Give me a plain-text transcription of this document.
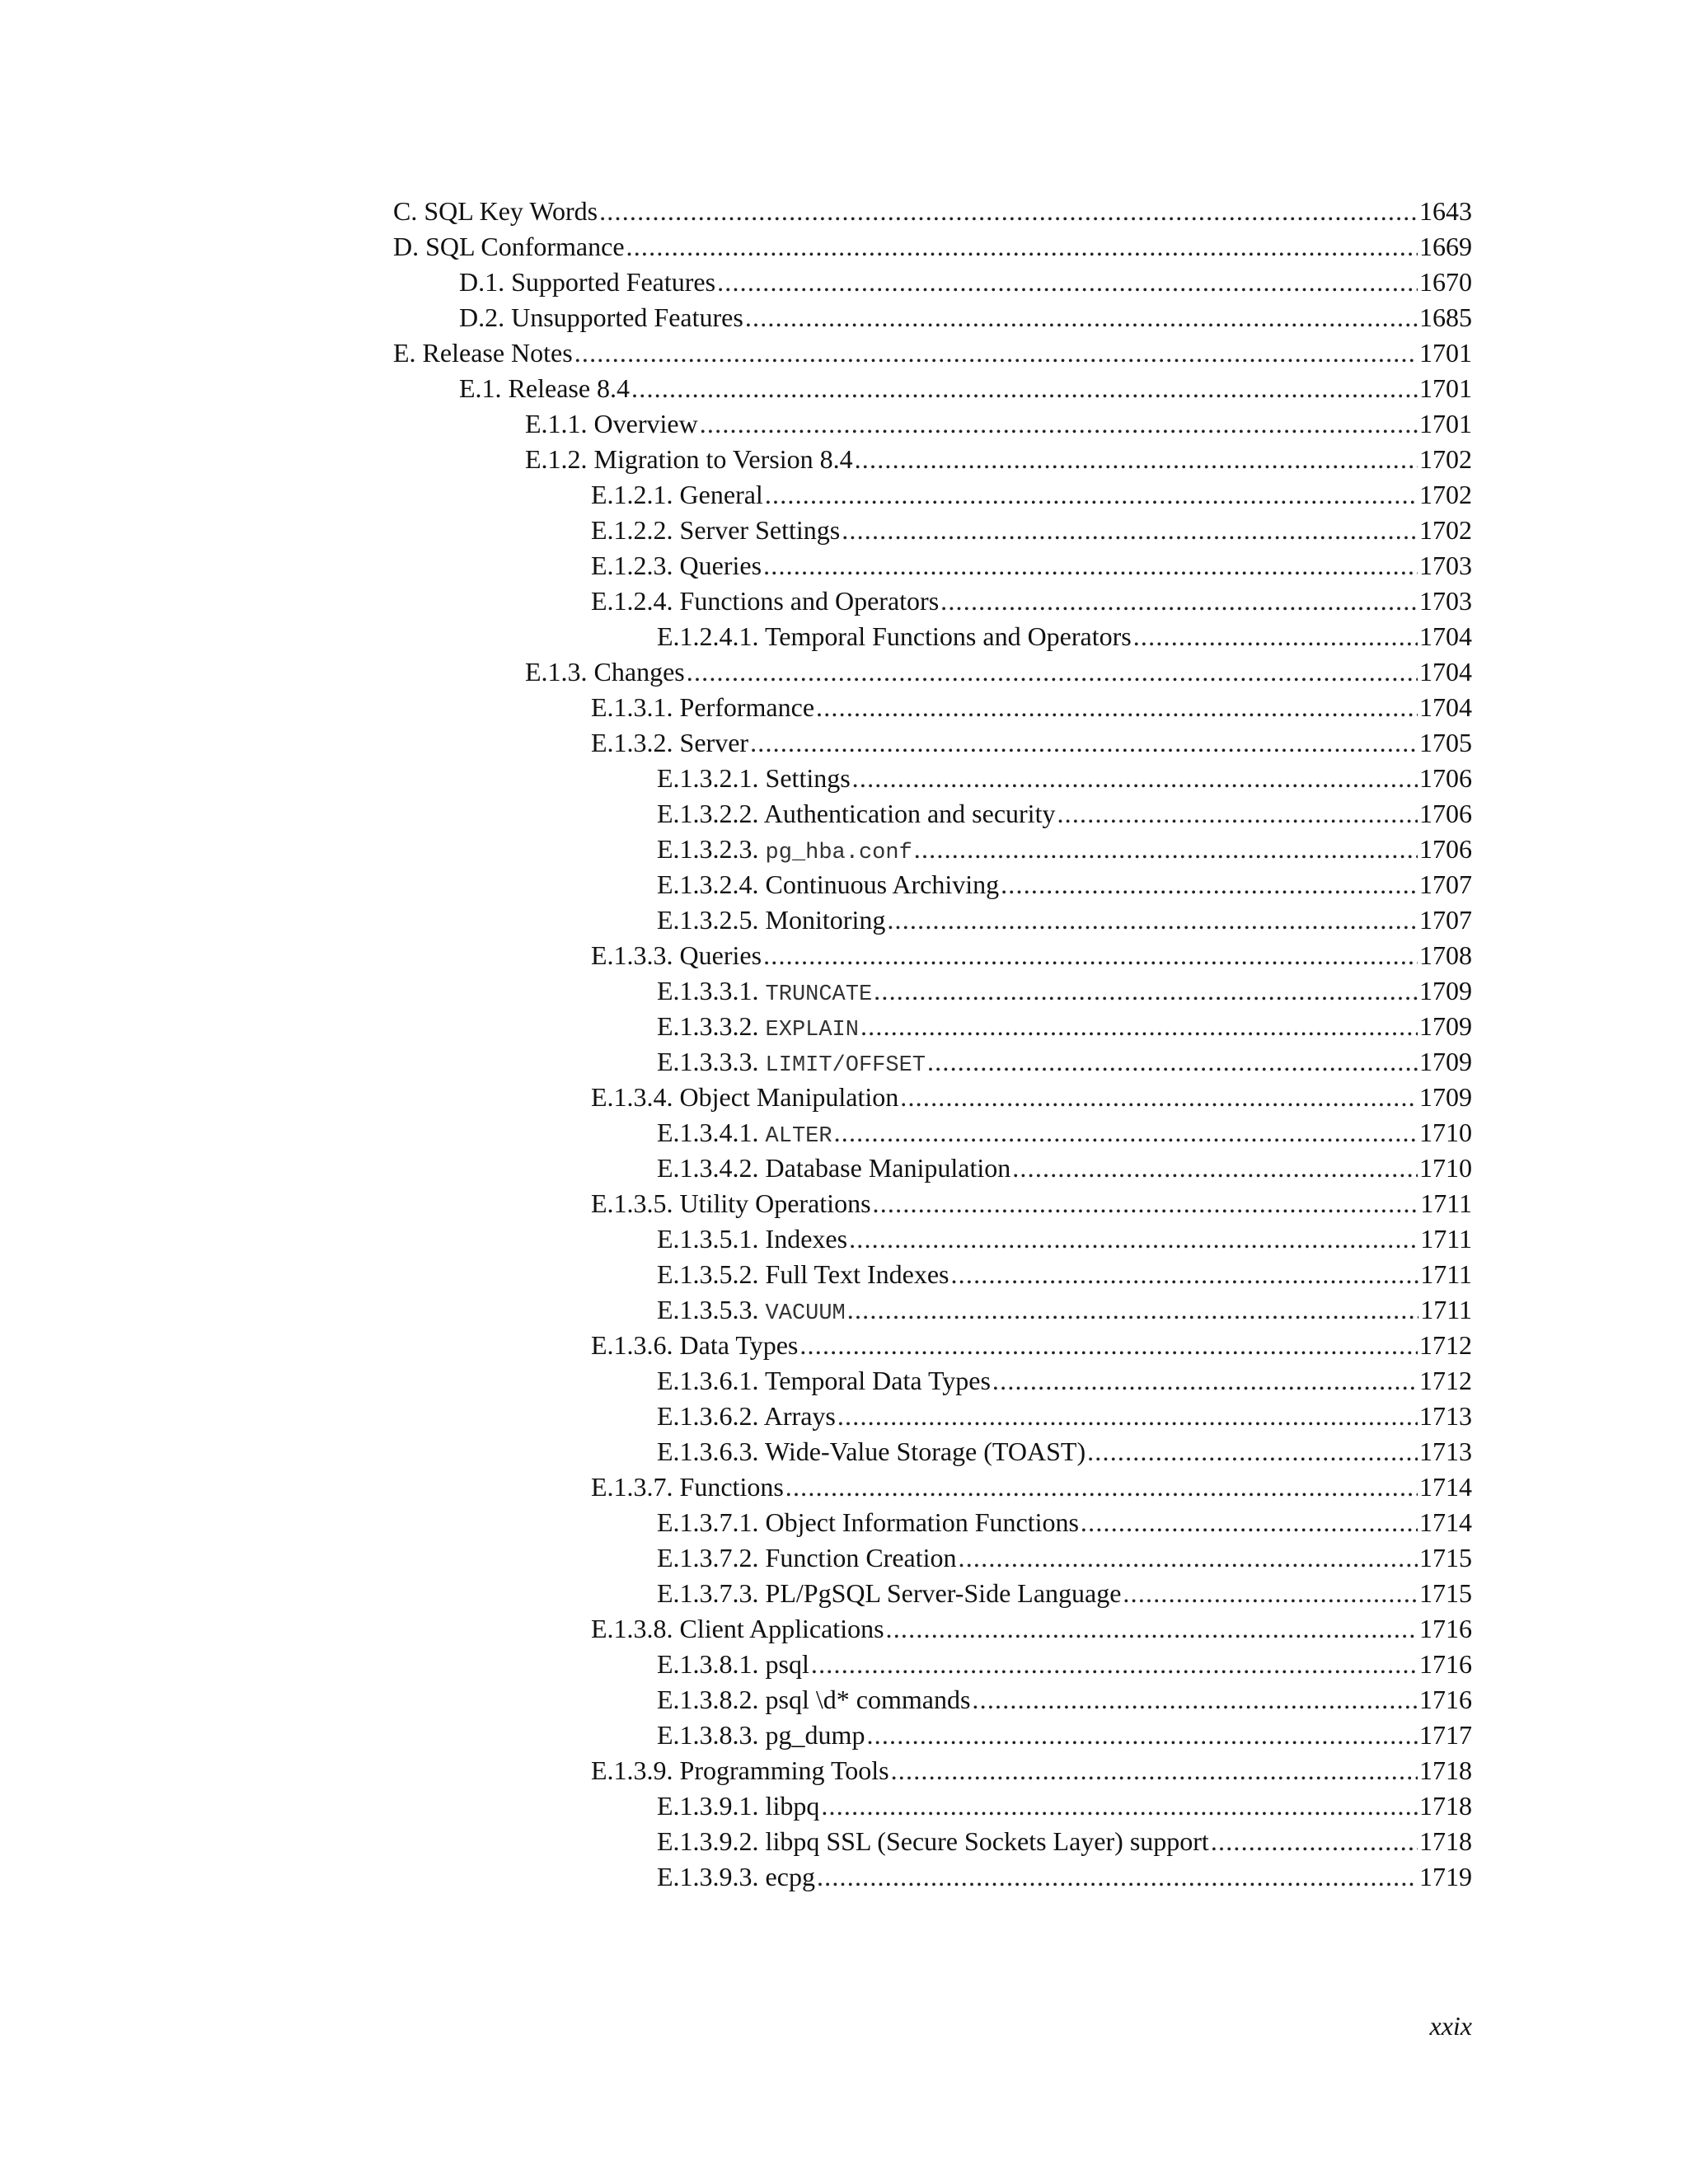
C. SQL Key Words .....	1643
D. SQL Conformance .....	1669
D.1. Supported Features .....	1670
D.2. Unsupported Features .....	1685
E. Release Notes .....	1701
E.1. Release 8.4 .....	1701
E.1.1. Overview .....	1701
E.1.2. Migration to Version 8.4 .....	1702
E.1.2.1. General .....	1702
E.1.2.2. Server Settings .....	1702
E.1.2.3. Queries .....	1703
E.1.2.4. Functions and Operators .....	1703
E.1.2.4.1. Temporal Functions and Operators .....	1704
E.1.3. Changes .....	1704
E.1.3.1. Performance .....	1704
E.1.3.2. Server .....	1705
E.1.3.2.1. Settings .....	1706
E.1.3.2.2. Authentication and security .....	1706
E.1.3.2.3. pg_hba.conf .....	1706
E.1.3.2.4. Continuous Archiving .....	1707
E.1.3.2.5. Monitoring .....	1707
E.1.3.3. Queries .....	1708
E.1.3.3.1. TRUNCATE .....	1709
E.1.3.3.2. EXPLAIN .....	1709
E.1.3.3.3. LIMIT/OFFSET .....	1709
E.1.3.4. Object Manipulation .....	1709
E.1.3.4.1. ALTER .....	1710
E.1.3.4.2. Database Manipulation .....	1710
E.1.3.5. Utility Operations .....	1711
E.1.3.5.1. Indexes .....	1711
E.1.3.5.2. Full Text Indexes .....	1711
E.1.3.5.3. VACUUM .....	1711
E.1.3.6. Data Types .....	1712
E.1.3.6.1. Temporal Data Types .....	1712
E.1.3.6.2. Arrays .....	1713
E.1.3.6.3. Wide-Value Storage (TOAST) .....	1713
E.1.3.7. Functions .....	1714
E.1.3.7.1. Object Information Functions .....	1714
E.1.3.7.2. Function Creation .....	1715
E.1.3.7.3. PL/PgSQL Server-Side Language .....	1715
E.1.3.8. Client Applications .....	1716
E.1.3.8.1. psql .....	1716
E.1.3.8.2. psql \d* commands .....	1716
E.1.3.8.3. pg_dump .....	1717
E.1.3.9. Programming Tools .....	1718
E.1.3.9.1. libpq .....	1718
E.1.3.9.2. libpq SSL (Secure Sockets Layer) support .....	1718
E.1.3.9.3. ecpg .....	1719
xxix
